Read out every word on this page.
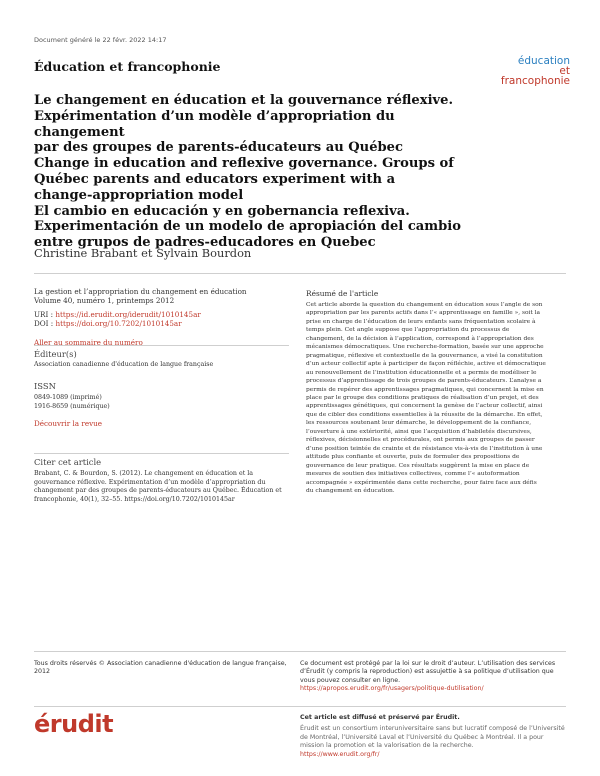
Document généré le 22 févr. 2022 14:17
Éducation et francophonie	éducation
et francophonie
Le changement en éducation et la gouvernance réflexive.
Expérimentation d’un modèle d’appropriation du changement
par des groupes de parents-éducateurs au Québec
Change in education and reflexive governance. Groups of
Québec parents and educators experiment with a
change-appropriation model
El cambio en educación y en gobernancia reflexiva.
Experimentación de un modelo de apropiación del cambio
entre grupos de padres-educadores en Quebec
Christine Brabant et Sylvain Bourdon
La gestion et l’appropriation du changement en éducation
Volume 40, numéro 1, printemps 2012
URI : https://id.erudit.org/iderudit/1010145ar
DOI : https://doi.org/10.7202/1010145ar
Aller au sommaire du numéro
Éditeur(s)
Association canadienne d'éducation de langue française
ISSN
0849-1089 (imprimé)
1916-8659 (numérique)
Découvrir la revue
Citer cet article
Brabant, C. & Bourdon, S. (2012). Le changement en éducation et la
gouvernance réflexive. Expérimentation d’un modèle d’appropriation du
changement par des groupes de parents-éducateurs au Québec. Éducation et
francophonie, 40(1), 32–55. https://doi.org/10.7202/1010145ar
Résumé de l'article
Cet article aborde la question du changement en éducation sous l’angle de son
appropriation par les parents actifs dans l’« apprentissage en famille », soit la
prise en charge de l’éducation de leurs enfants sans fréquentation scolaire à
temps plein. Cet angle suppose que l’appropriation du processus de
changement, de la décision à l’application, correspond à l’appropriation des
mécanismes démocratiques. Une recherche-formation, basée sur une approche
pragmatique, réflexive et contextuelle de la gouvernance, a visé la constitution
d’un acteur collectif apte à participer de façon réfléchie, active et démocratique
au renouvellement de l’institution éducationnelle et a permis de modéliser le
processus d’apprentissage de trois groupes de parents-éducateurs. L’analyse a
permis de repérer des apprentissages pragmatiques, qui concernent la mise en
place par le groupe des conditions pratiques de réalisation d’un projet, et des
apprentissages génétiques, qui concernent la genèse de l’acteur collectif, ainsi
que de cibler des conditions essentielles à la réussite de la démarche. En effet,
les ressources soutenant leur démarche, le développement de la confiance,
l’ouverture à une extériorité, ainsi que l’acquisition d’habiletés discursives,
réflexives, décisionnelles et procédurales, ont permis aux groupes de passer
d’une position teintée de crainte et de résistance vis-à-vis de l’institution à une
attitude plus confiante et ouverte, puis de formuler des propositions de
gouvernance de leur pratique. Ces résultats suggèrent la mise en place de
mesures de soutien des initiatives collectives, comme l’« autoformation
accompagnée » expérimentée dans cette recherche, pour faire face aux défis
du changement en éducation.
Tous droits réservés © Association canadienne d'éducation de langue française, 2012
Ce document est protégé par la loi sur le droit d’auteur. L’utilisation des services d’Érudit (y compris la reproduction) est assujettie à sa politique d’utilisation que vous pouvez consulter en ligne.
https://apropos.erudit.org/fr/usagers/politique-dutilisation/
érudit	Cet article est diffusé et préservé par Érudit.
Érudit est un consortium interuniversitaire sans but lucratif composé de l’Université de Montréal, l’Université Laval et l’Université du Québec à Montréal. Il a pour mission la promotion et la valorisation de la recherche.
https://www.erudit.org/fr/
